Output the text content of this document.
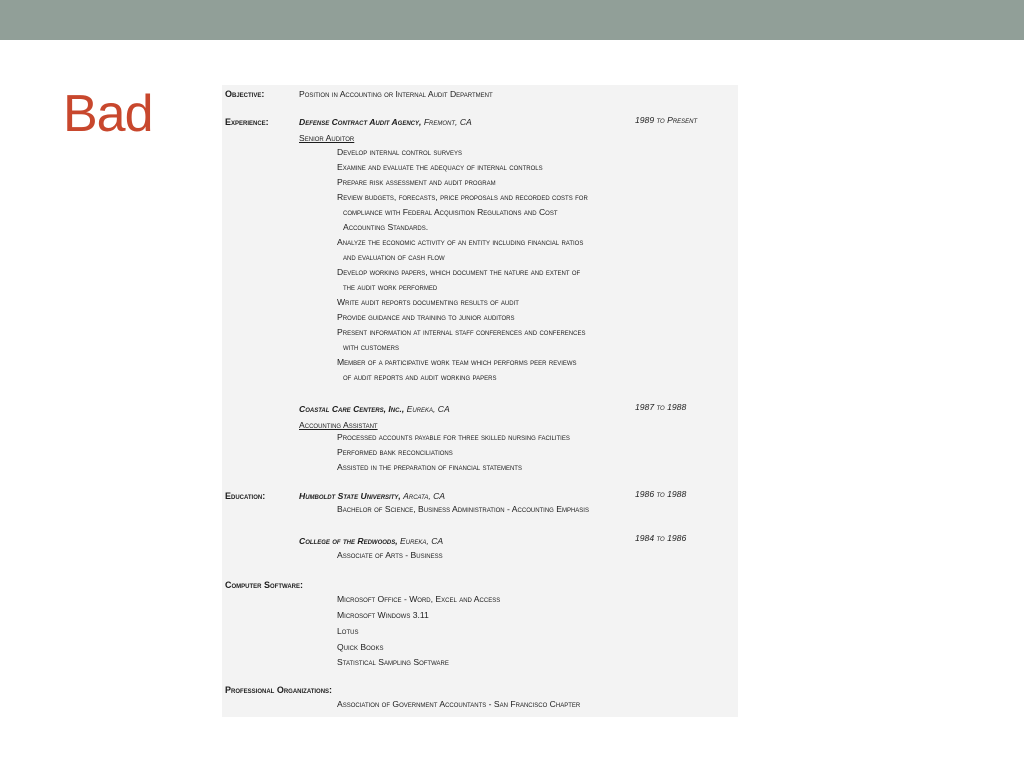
Bad	Objective:	Position in Accounting or Internal Audit Department
Experience:	Defense Contract Audit Agency, Fremont, CA	1989 to Present
Senior Auditor
Develop internal control surveys
Examine and evaluate the adequacy of internal controls
Prepare risk assessment and audit program
Review budgets, forecasts, price proposals and recorded costs for
compliance with Federal Acquisition Regulations and Cost
Accounting Standards.
Analyze the economic activity of an entity including financial ratios
and evaluation of cash flow
Develop working papers, which document the nature and extent of
the audit work performed
Write audit reports documenting results of audit
Provide guidance and training to junior auditors
Present information at internal staff conferences and conferences
with customers
Member of a participative work team which performs peer reviews
of audit reports and audit working papers
Coastal Care Centers, Inc., Eureka, CA	1987 to 1988
Accounting Assistant
Processed accounts payable for three skilled nursing facilities
Performed bank reconciliations
Assisted in the preparation of financial statements
Education:	Humboldt State University, Arcata, CA	1986 to 1988
Bachelor of Science, Business Administration - Accounting Emphasis
College of the Redwoods, Eureka, CA	1984 to 1986
Associate of Arts - Business
Computer Software:
Microsoft Office - Word, Excel and Access
Microsoft Windows 3.11
Lotus
Quick Books
Statistical Sampling Software
Professional Organizations:
Association of Government Accountants - San Francisco Chapter
